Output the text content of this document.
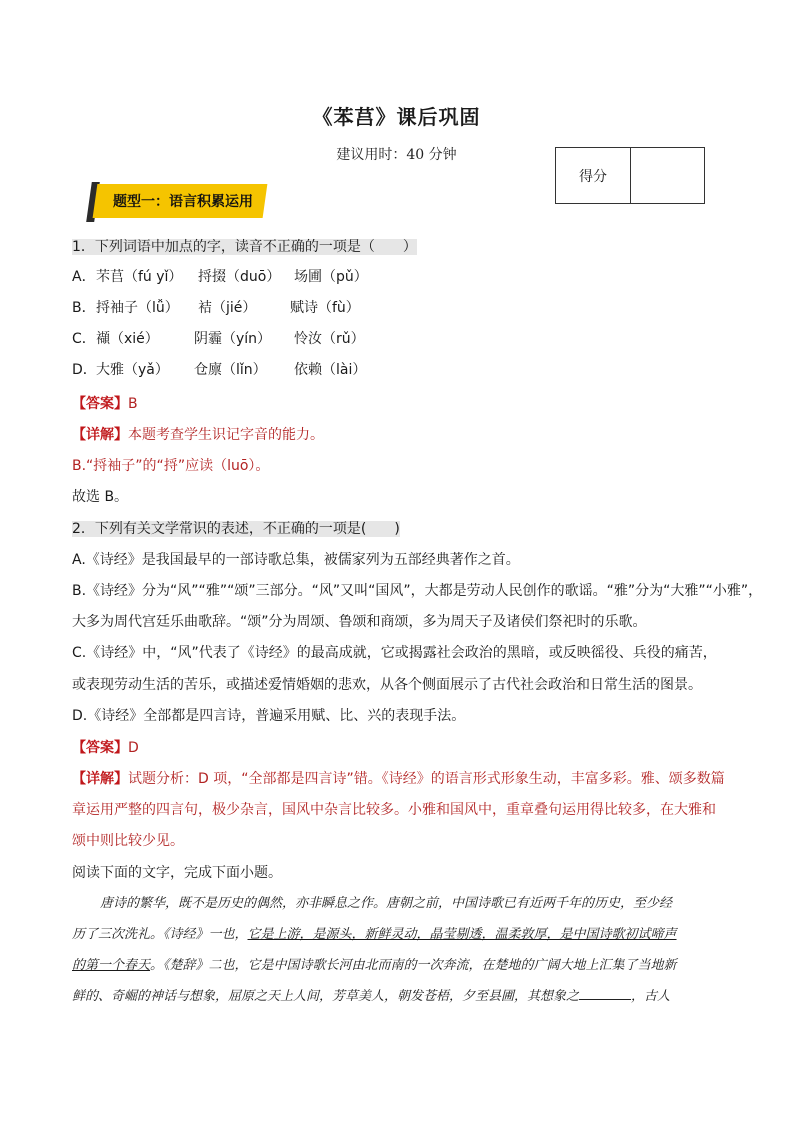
《苯莒》课后巩固
建议用时：40 分钟
得分
题型一：语言积累运用
1．下列词语中加点的字，读音不正确的一项是（　　）
A． 芣苢（fú yǐ） 捋掇（duō） 场圃（pǔ）
B． 捋袖子（lǚ） 袺（jié） 赋诗（fù）
C． 襭（xié）	阴霾（yín） 怜汝（rǔ）
D． 大雅（yǎ） 仓廪（lǐn） 依赖（lài）
【答案】B
【详解】本题考查学生识记字音的能力。
B.“捋袖子”的“捋”应读（luō）。
故选 B。
2．下列有关文学常识的表述，不正确的一项是(　　)
A.《诗经》是我国最早的一部诗歌总集，被儒家列为五部经典著作之首。
B.《诗经》分为“风”“雅”“颂”三部分。“风”又叫“国风”，大都是劳动人民创作的歌谣。“雅”分为“大雅”“小雅”，
大多为周代宫廷乐曲歌辞。“颂”分为周颂、鲁颂和商颂，多为周天子及诸侯们祭祀时的乐歌。
C.《诗经》中，“风”代表了《诗经》的最高成就，它或揭露社会政治的黑暗，或反映徭役、兵役的痛苦，
或表现劳动生活的苦乐，或描述爱情婚姻的悲欢，从各个侧面展示了古代社会政治和日常生活的图景。
D.《诗经》全部都是四言诗，普遍采用赋、比、兴的表现手法。
【答案】D
【详解】试题分析：D 项，“全部都是四言诗”错。《诗经》的语言形式形象生动，丰富多彩。雅、颂多数篇
章运用严整的四言句，极少杂言，国风中杂言比较多。小雅和国风中，重章叠句运用得比较多，在大雅和
颂中则比较少见。
阅读下面的文字，完成下面小题。
唐诗的繁华，既不是历史的偶然，亦非瞬息之作。唐朝之前，中国诗歌已有近两千年的历史，至少经
历了三次洗礼。《诗经》一也，它是上游，是源头，新鲜灵动，晶莹剔透，温柔敦厚，是中国诗歌初试啼声
的第一个春天。《楚辞》二也，它是中国诗歌长河由北而南的一次奔流，在楚地的广阔大地上汇集了当地新
鲜的、奇崛的神话与想象，屈原之天上人间，芳草美人，朝发苍梧，夕至县圃，其想象之	，古人
